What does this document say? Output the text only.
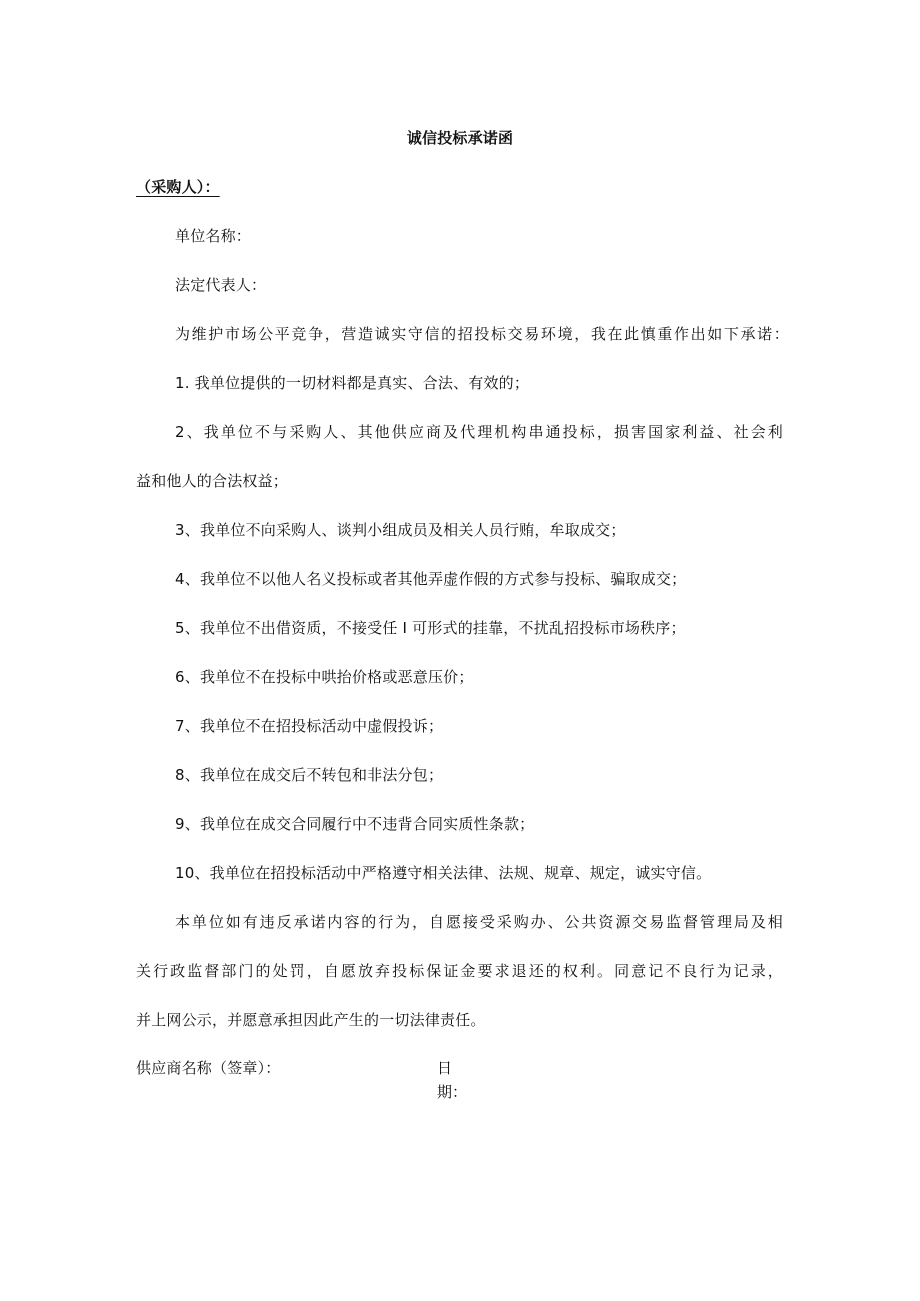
诚信投标承诺函
（采购人）：
单位名称：
法定代表人：
为维护市场公平竞争，营造诚实守信的招投标交易环境，我在此慎重作出如下承诺：
1. 我单位提供的一切材料都是真实、合法、有效的；
2、我单位不与采购人、其他供应商及代理机构串通投标，损害国家利益、社会利
益和他人的合法权益；
3、我单位不向采购人、谈判小组成员及相关人员行贿，牟取成交；
4、我单位不以他人名义投标或者其他弄虚作假的方式参与投标、骗取成交；
5、我单位不出借资质，不接受任 I 可形式的挂靠，不扰乱招投标市场秩序；
6、我单位不在投标中哄抬价格或恶意压价；
7、我单位不在招投标活动中虚假投诉；
8、我单位在成交后不转包和非法分包；
9、我单位在成交合同履行中不违背合同实质性条款；
10、我单位在招投标活动中严格遵守相关法律、法规、规章、规定，诚实守信。
本单位如有违反承诺内容的行为，自愿接受采购办、公共资源交易监督管理局及相
关行政监督部门的处罚，自愿放弃投标保证金要求退还的权利。同意记不良行为记录，
并上网公示，并愿意承担因此产生的一切法律责任。
供应商名称（签章）：	日期：
